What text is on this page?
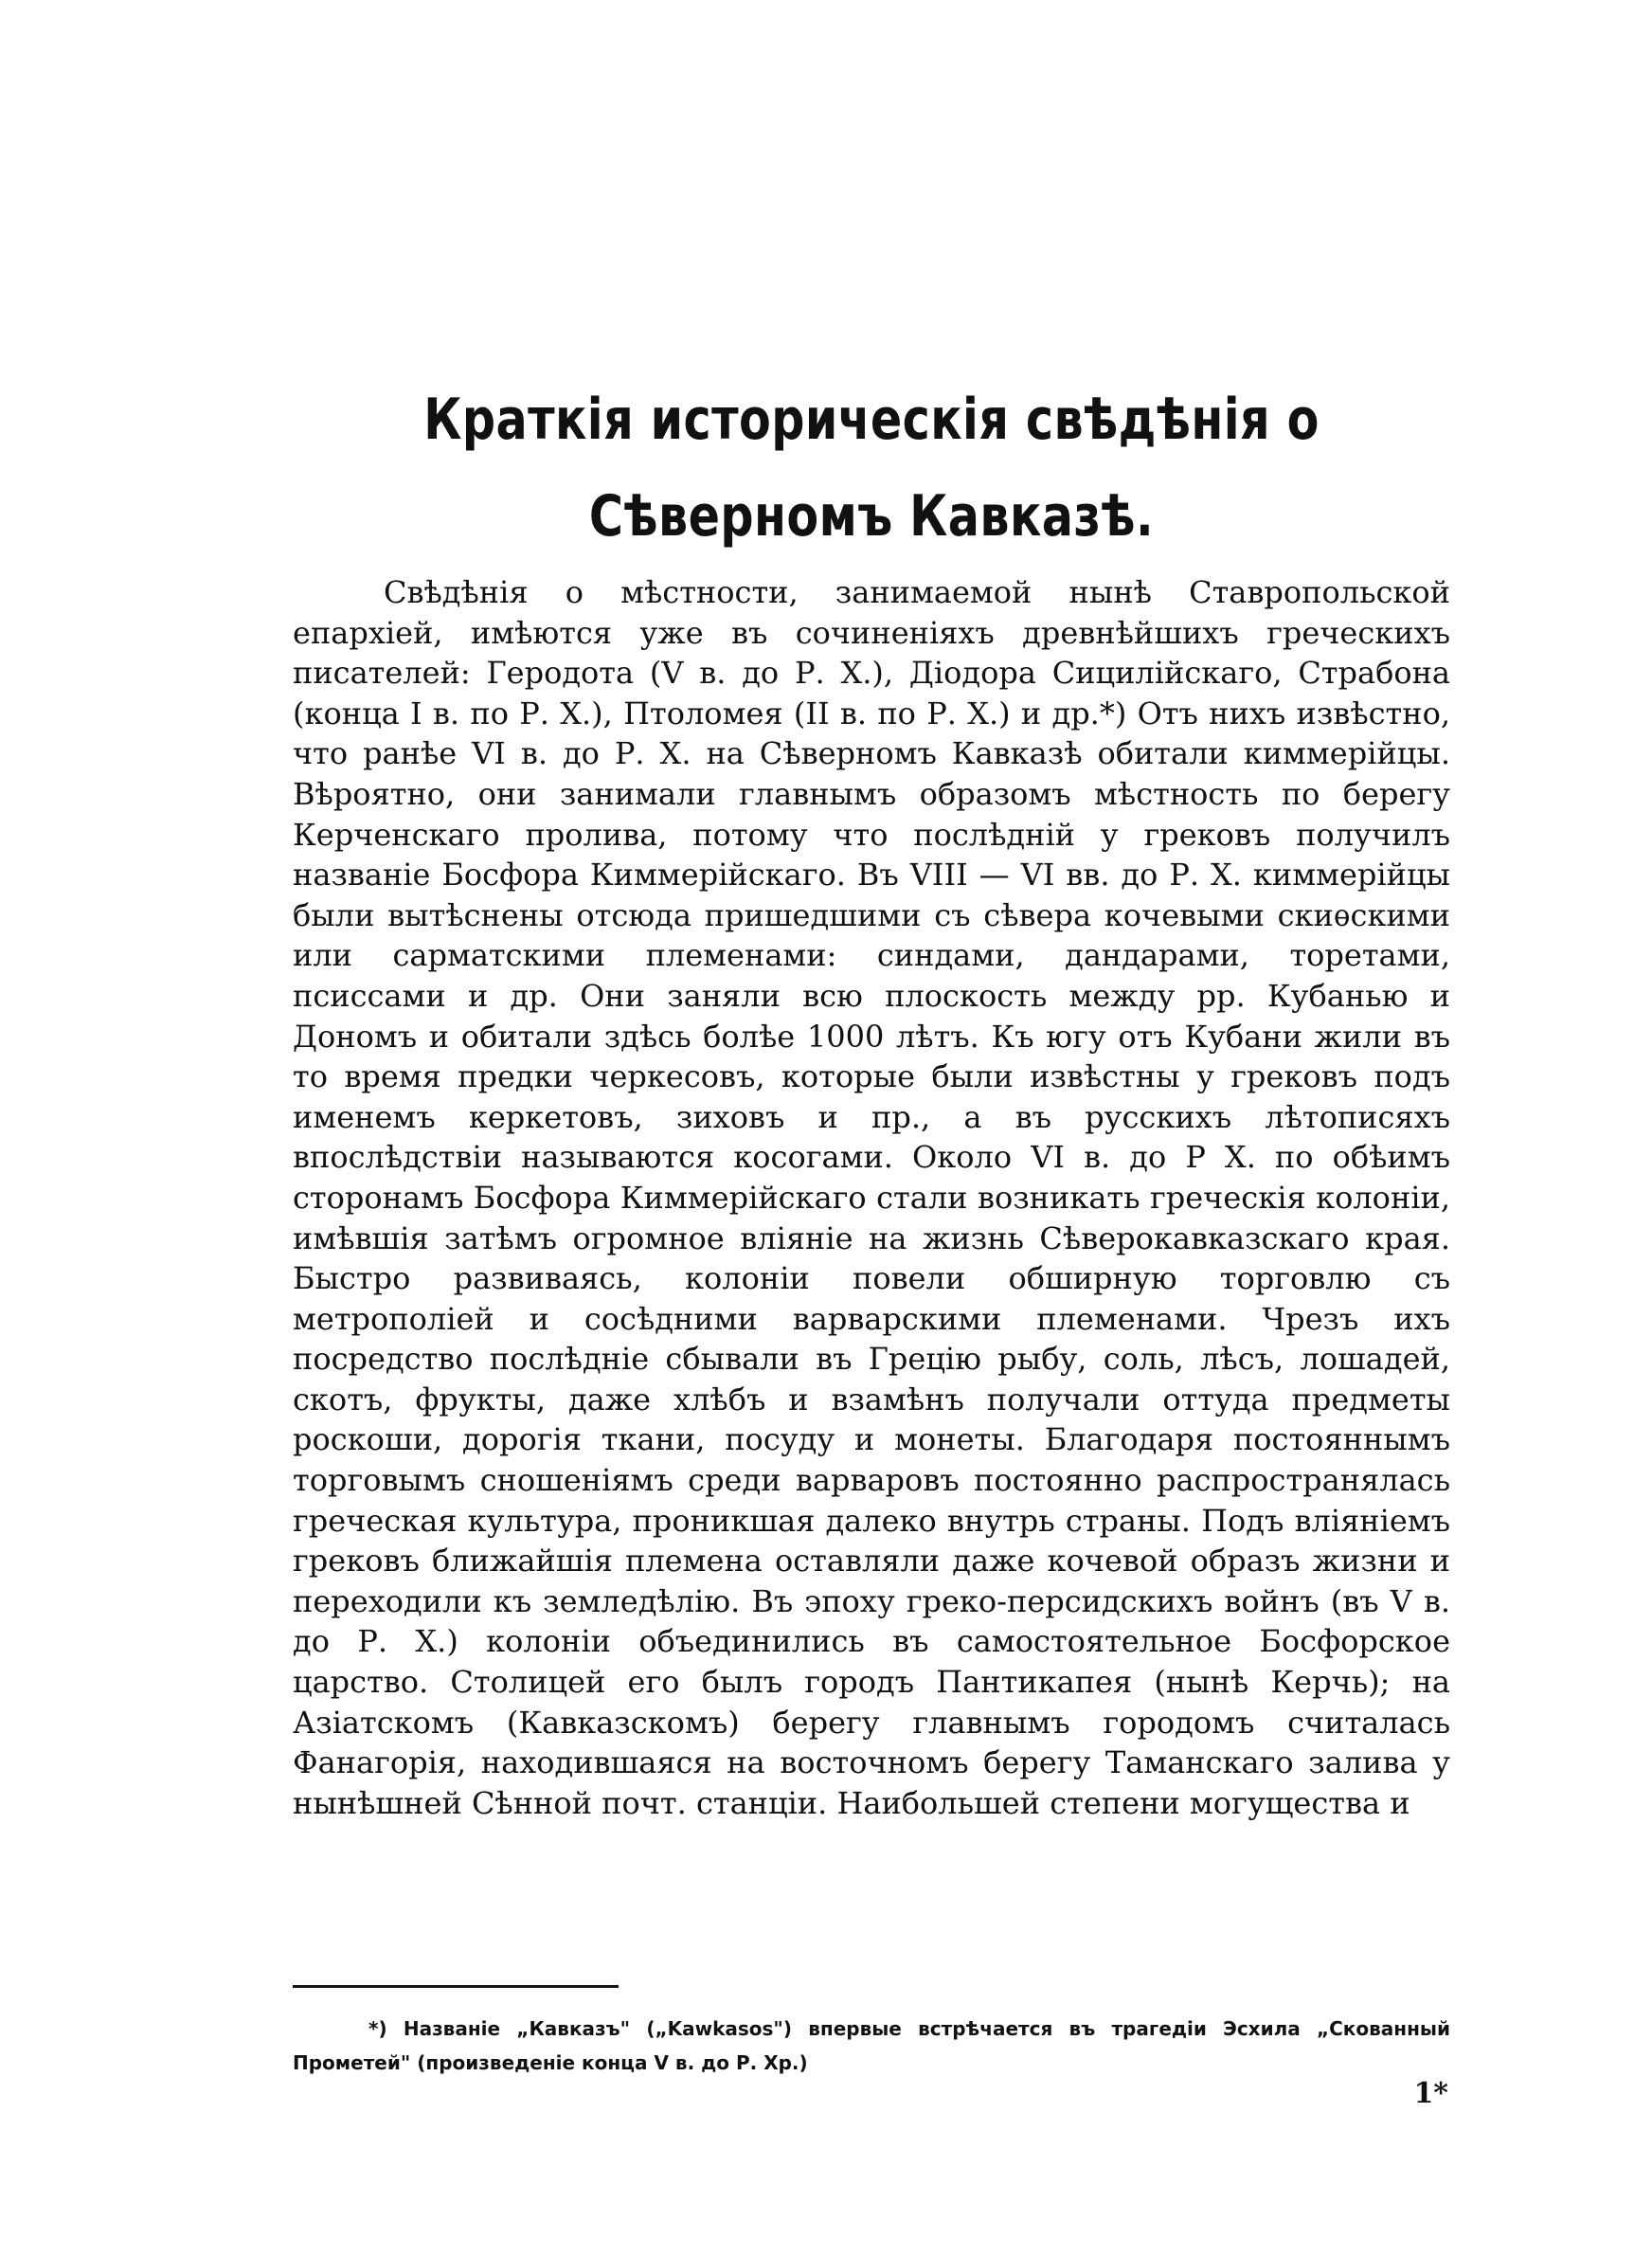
Краткія историческія свѣдѣнія о Сѣверномъ Кавказѣ.

Свѣдѣнія о мѣстности, занимаемой нынѣ Ставропольской епархіей, имѣются уже въ сочиненіяхъ древнѣйшихъ греческихъ писателей: Геродота (V в. до Р. X.), Діодора Сицилійскаго, Страбона (конца I в. по Р. X.), Птоломея (II в. по Р. X.) и др.*) Отъ нихъ извѣстно, что ранѣе VI в. до Р. X. на Сѣверномъ Кавказѣ обитали киммерійцы. Вѣроятно, они занимали главнымъ образомъ мѣстность по берегу Керченскаго пролива, потому что послѣдній у грековъ получилъ названіе Босфора Киммерійскаго. Въ VIII — VI вв. до Р. X. киммерійцы были вытѣснены отсюда пришедшими съ сѣвера кочевыми скиѳскими или сарматскими племенами: синдами, дандарами, торетами, псиссами и др. Они заняли всю плоскость между рр. Кубанью и Дономъ и обитали здѣсь болѣе 1000 лѣтъ. Къ югу отъ Кубани жили въ то время предки черкесовъ, которые были извѣстны у грековъ подъ именемъ керкетовъ, зиховъ и пр., а въ русскихъ лѣтописяхъ впослѣдствіи называются косогами. Около VI в. до Р X. по обѣимъ сторонамъ Босфора Киммерійскаго стали возникать греческія колоніи, имѣвшія затѣмъ огромное вліяніе на жизнь Сѣверокавказскаго края. Быстро развиваясь, колоніи повели обширную торговлю съ метрополіей и сосѣдними варварскими племенами. Чрезъ ихъ посредство послѣдніе сбывали въ Грецію рыбу, соль, лѣсъ, лошадей, скотъ, фрукты, даже хлѣбъ и взамѣнъ получали оттуда предметы роскоши, дорогія ткани, посуду и монеты. Благодаря постояннымъ торговымъ сношеніямъ среди варваровъ постоянно распространялась греческая культура, проникшая далеко внутрь страны. Подъ вліяніемъ грековъ ближайшія племена оставляли даже кочевой образъ жизни и переходили къ земледѣлію. Въ эпоху греко-персидскихъ войнъ (въ V в. до Р. X.) колоніи объединились въ самостоятельное Босфорское царство. Столицей его былъ городъ Пантикапея (нынѣ Керчь); на Азіатскомъ (Кавказскомъ) берегу главнымъ городомъ считалась Фанагорія, находившаяся на восточномъ берегу Таманскаго залива у нынѣшней Сѣнной почт. станціи. Наибольшей степени могущества и

*) Названіе „Кавказъ" („Kawkasos") впервые встрѣчается въ трагедіи Эсхила „Скованный Прометей" (произведеніе конца V в. до Р. Хр.)

1*
